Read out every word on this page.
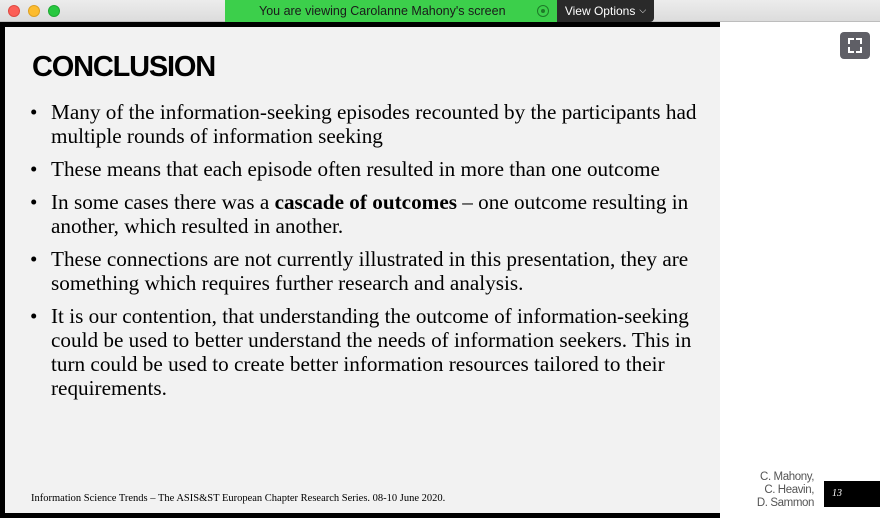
You are viewing Carolanne Mahony's screen	View Options ⌵
CONCLUSION
• Many of the information-seeking episodes recounted by the participants had multiple rounds of information seeking
• These means that each episode often resulted in more than one outcome
• In some cases there was a cascade of outcomes – one outcome resulting in another, which resulted in another.
• These connections are not currently illustrated in this presentation, they are something which requires further research and analysis.
• It is our contention, that understanding the outcome of information-seeking could be used to better understand the needs of information seekers. This in turn could be used to create better information resources tailored to their requirements.
Information Science Trends – The ASIS&ST European Chapter Research Series. 08-10 June 2020.
C. Mahony,
C. Heavin,
D. Sammon
13
